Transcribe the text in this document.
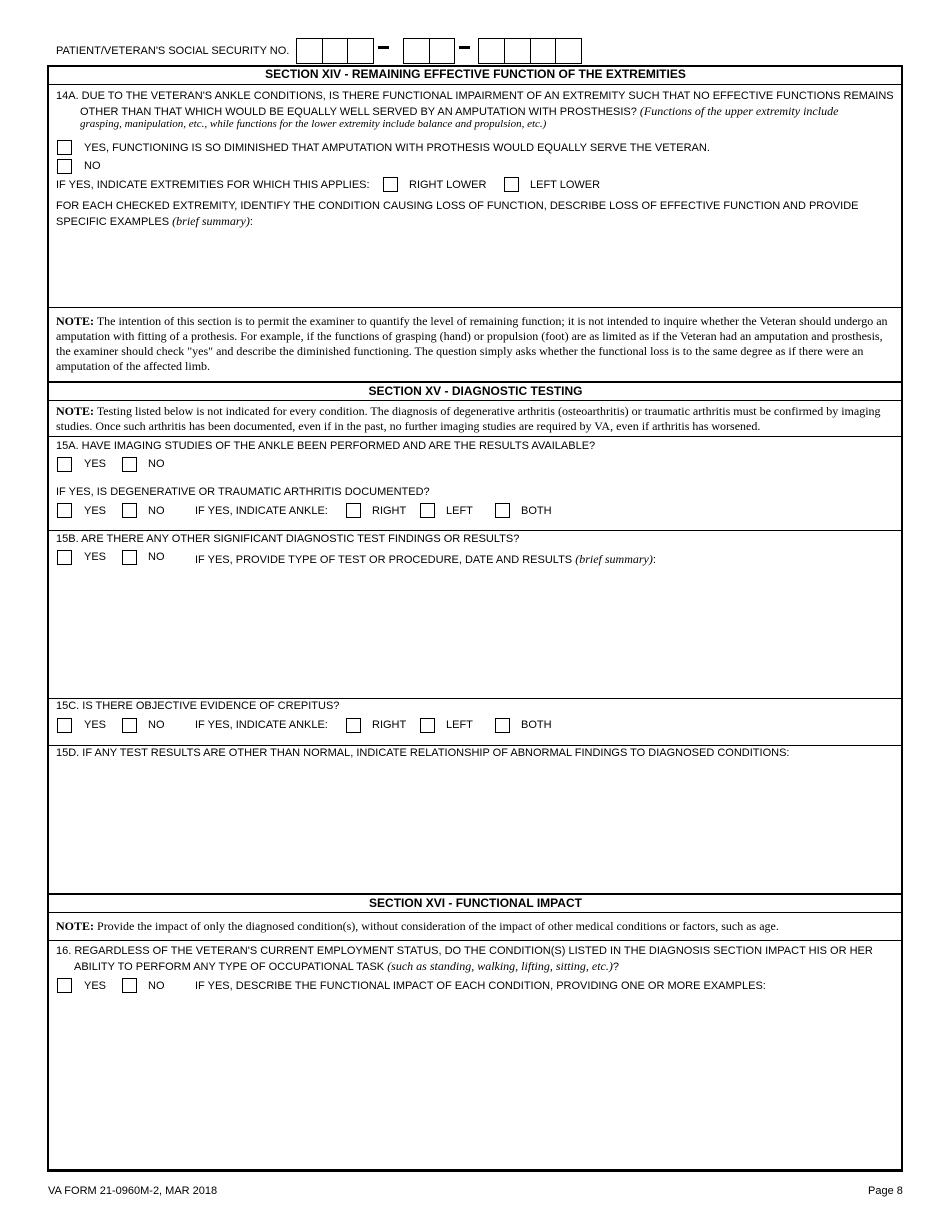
PATIENT/VETERAN'S SOCIAL SECURITY NO.
SECTION XIV - REMAINING EFFECTIVE FUNCTION OF THE EXTREMITIES
14A. DUE TO THE VETERAN'S ANKLE CONDITIONS, IS THERE FUNCTIONAL IMPAIRMENT OF AN EXTREMITY SUCH THAT NO EFFECTIVE FUNCTIONS REMAINS
OTHER THAN THAT WHICH WOULD BE EQUALLY WELL SERVED BY AN AMPUTATION WITH PROSTHESIS? (Functions of the upper extremity include
grasping, manipulation, etc., while functions for the lower extremity include balance and propulsion, etc.)
YES, FUNCTIONING IS SO DIMINISHED THAT AMPUTATION WITH PROTHESIS WOULD EQUALLY SERVE THE VETERAN.
NO
IF YES, INDICATE EXTREMITIES FOR WHICH THIS APPLIES:	RIGHT LOWER	LEFT LOWER
FOR EACH CHECKED EXTREMITY, IDENTIFY THE CONDITION CAUSING LOSS OF FUNCTION, DESCRIBE LOSS OF EFFECTIVE FUNCTION AND PROVIDE
SPECIFIC EXAMPLES (brief summary):
NOTE: The intention of this section is to permit the examiner to quantify the level of remaining function; it is not intended to inquire whether the Veteran should undergo an amputation with fitting of a prothesis. For example, if the functions of grasping (hand) or propulsion (foot) are as limited as if the Veteran had an amputation and prosthesis, the examiner should check "yes" and describe the diminished functioning. The question simply asks whether the functional loss is to the same degree as if there were an amputation of the affected limb.
SECTION XV - DIAGNOSTIC TESTING
NOTE: Testing listed below is not indicated for every condition. The diagnosis of degenerative arthritis (osteoarthritis) or traumatic arthritis must be confirmed by imaging studies. Once such arthritis has been documented, even if in the past, no further imaging studies are required by VA, even if arthritis has worsened.
15A. HAVE IMAGING STUDIES OF THE ANKLE BEEN PERFORMED AND ARE THE RESULTS AVAILABLE?
YES	NO
IF YES, IS DEGENERATIVE OR TRAUMATIC ARTHRITIS DOCUMENTED?
YES	NO	IF YES, INDICATE ANKLE:	RIGHT	LEFT	BOTH
15B. ARE THERE ANY OTHER SIGNIFICANT DIAGNOSTIC TEST FINDINGS OR RESULTS?
YES	NO	IF YES, PROVIDE TYPE OF TEST OR PROCEDURE, DATE AND RESULTS (brief summary):
15C. IS THERE OBJECTIVE EVIDENCE OF CREPITUS?
YES	NO	IF YES, INDICATE ANKLE:	RIGHT	LEFT	BOTH
15D. IF ANY TEST RESULTS ARE OTHER THAN NORMAL, INDICATE RELATIONSHIP OF ABNORMAL FINDINGS TO DIAGNOSED CONDITIONS:
SECTION XVI - FUNCTIONAL IMPACT
NOTE: Provide the impact of only the diagnosed condition(s), without consideration of the impact of other medical conditions or factors, such as age.
16. REGARDLESS OF THE VETERAN'S CURRENT EMPLOYMENT STATUS, DO THE CONDITION(S) LISTED IN THE DIAGNOSIS SECTION IMPACT HIS OR HER
ABILITY TO PERFORM ANY TYPE OF OCCUPATIONAL TASK (such as standing, walking, lifting, sitting, etc.)?
YES	NO	IF YES, DESCRIBE THE FUNCTIONAL IMPACT OF EACH CONDITION, PROVIDING ONE OR MORE EXAMPLES:
VA FORM 21-0960M-2, MAR 2018	Page 8
